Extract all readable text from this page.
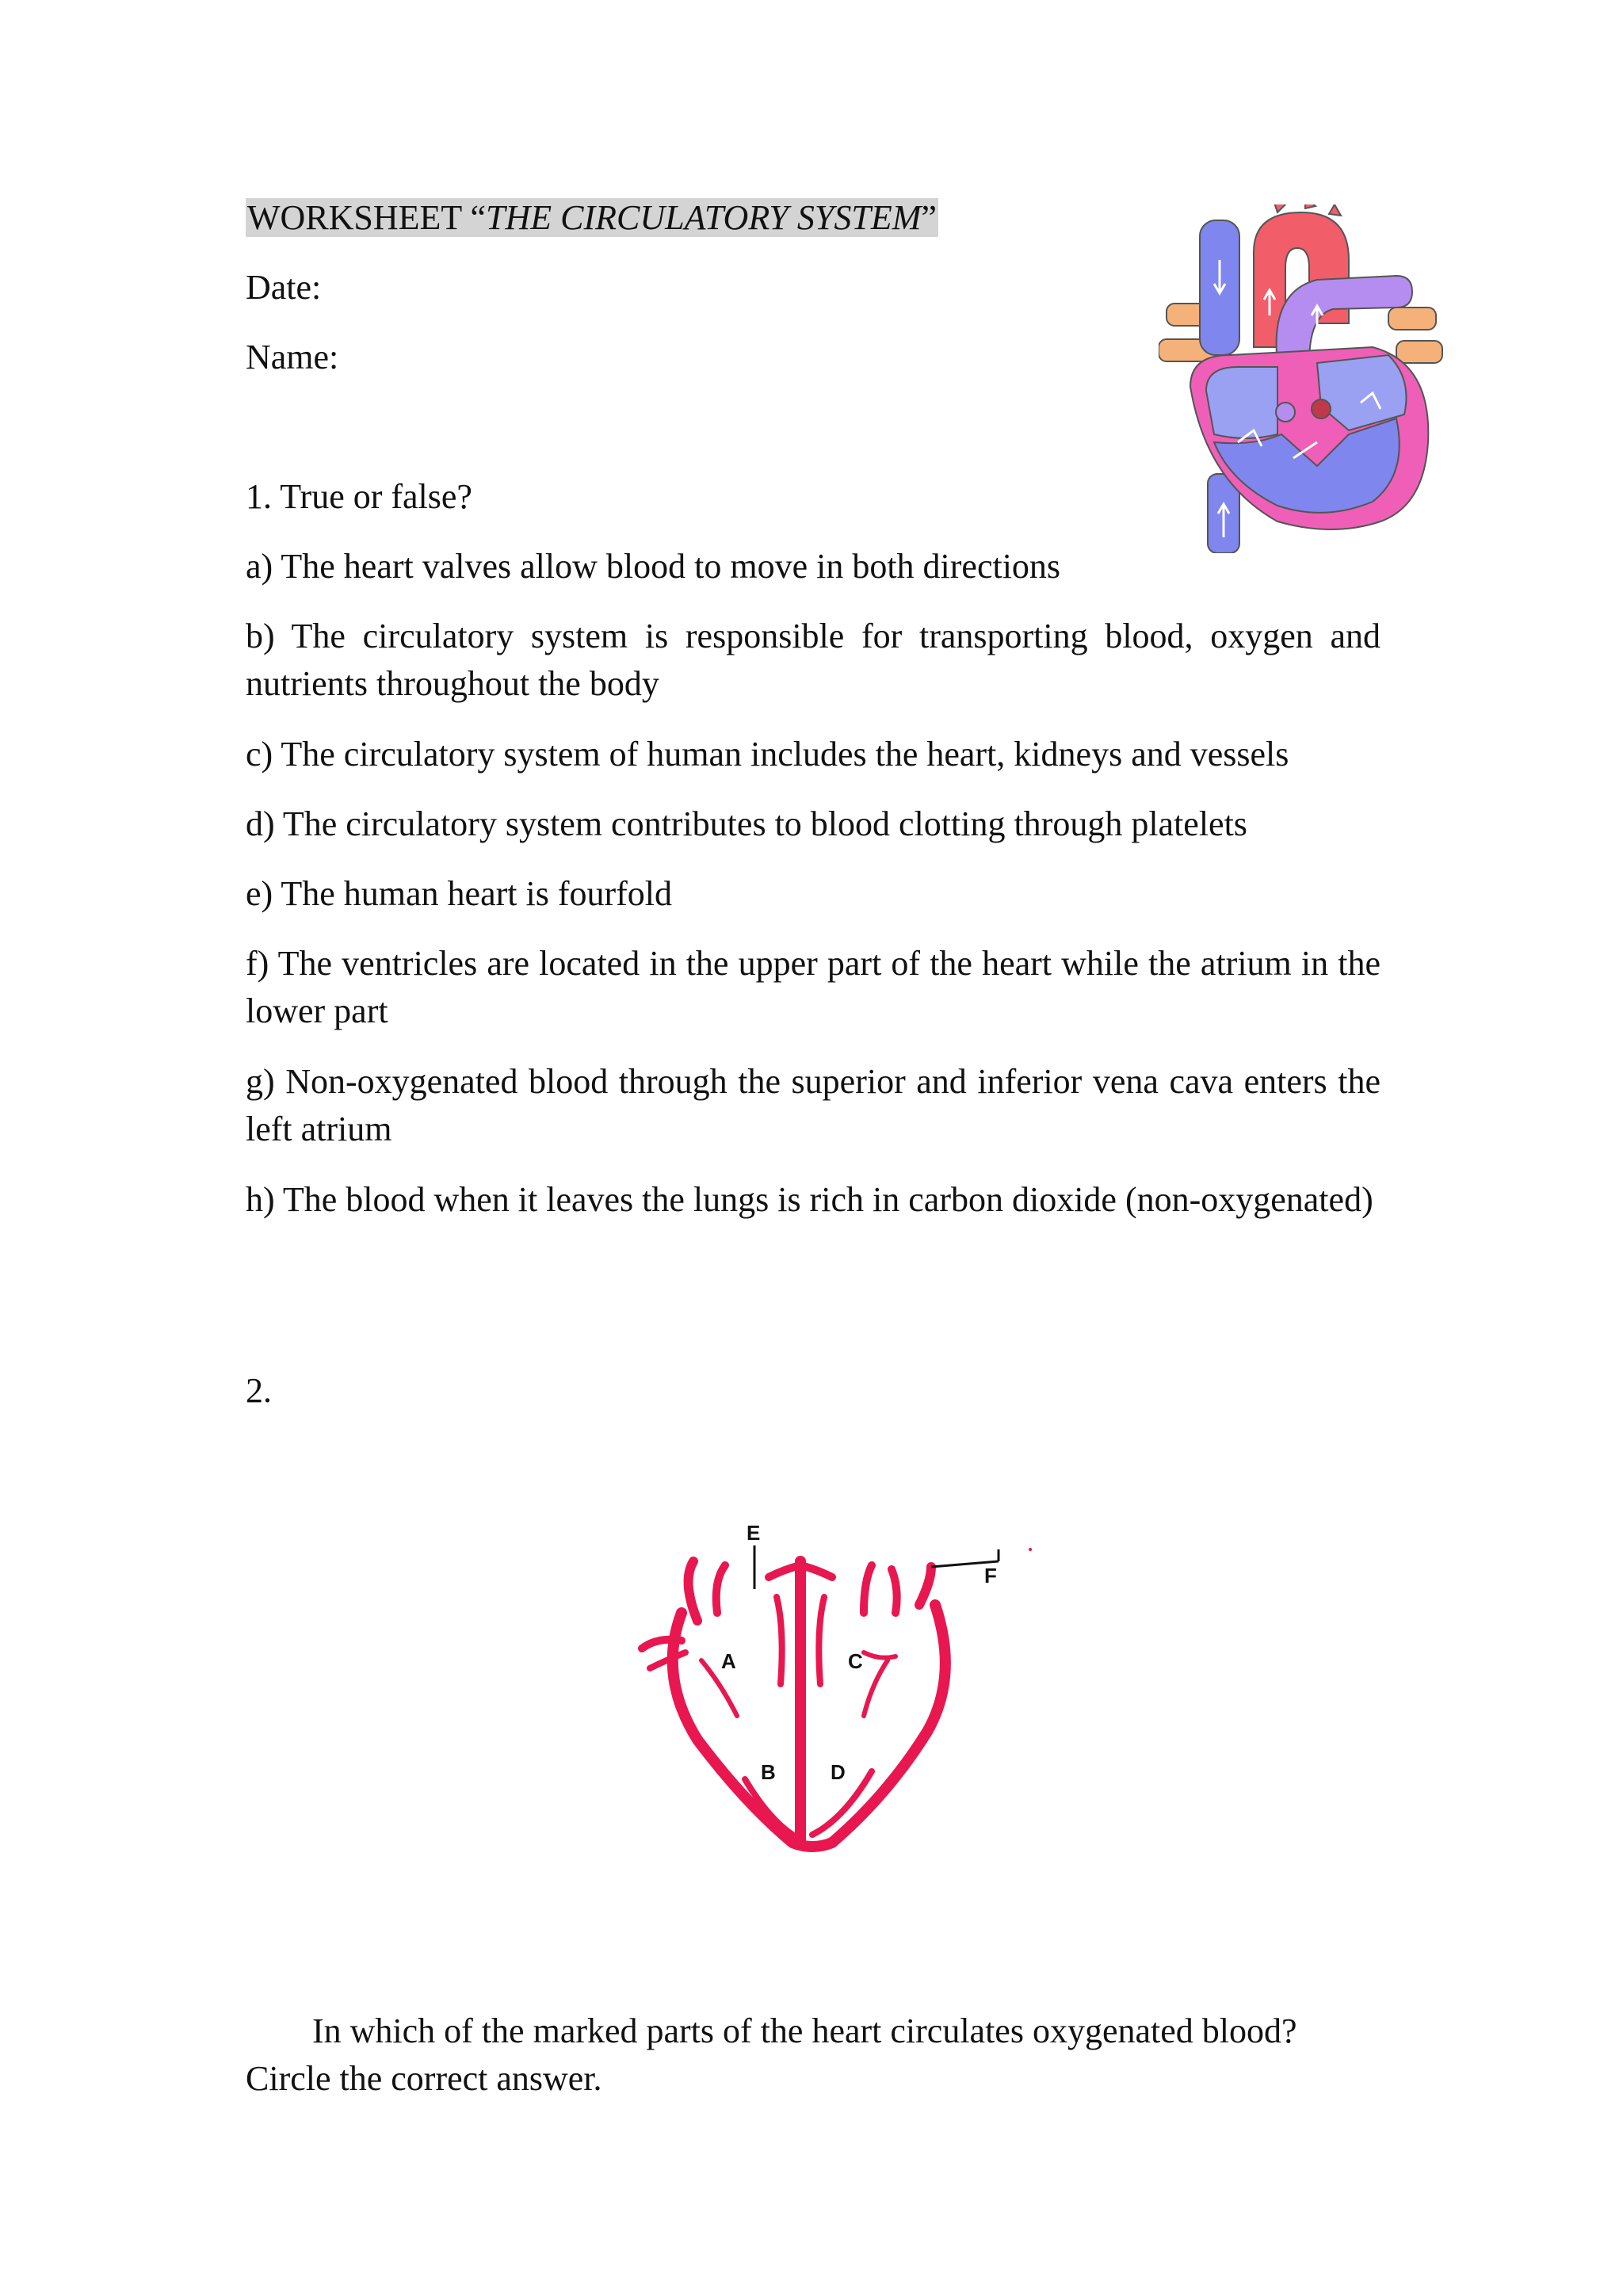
WORKSHEET “THE CIRCULATORY SYSTEM”

Date:

Name:

1. True or false?

a) The heart valves allow blood to move in both directions

b) The circulatory system is responsible for transporting blood, oxygen and nutrients throughout the body

c) The circulatory system of human includes the heart, kidneys and vessels

d) The circulatory system contributes to blood clotting through platelets

e) The human heart is fourfold

f) The ventricles are located in the upper part of the heart while the atrium in the lower part

g) Non-oxygenated blood through the superior and inferior vena cava enters the left atrium

h) The blood when it leaves the lungs is rich in carbon dioxide (non-oxygenated)

2.

A
B
C
D
E
F

In which of the marked parts of the heart circulates oxygenated blood?

Circle the correct answer.
